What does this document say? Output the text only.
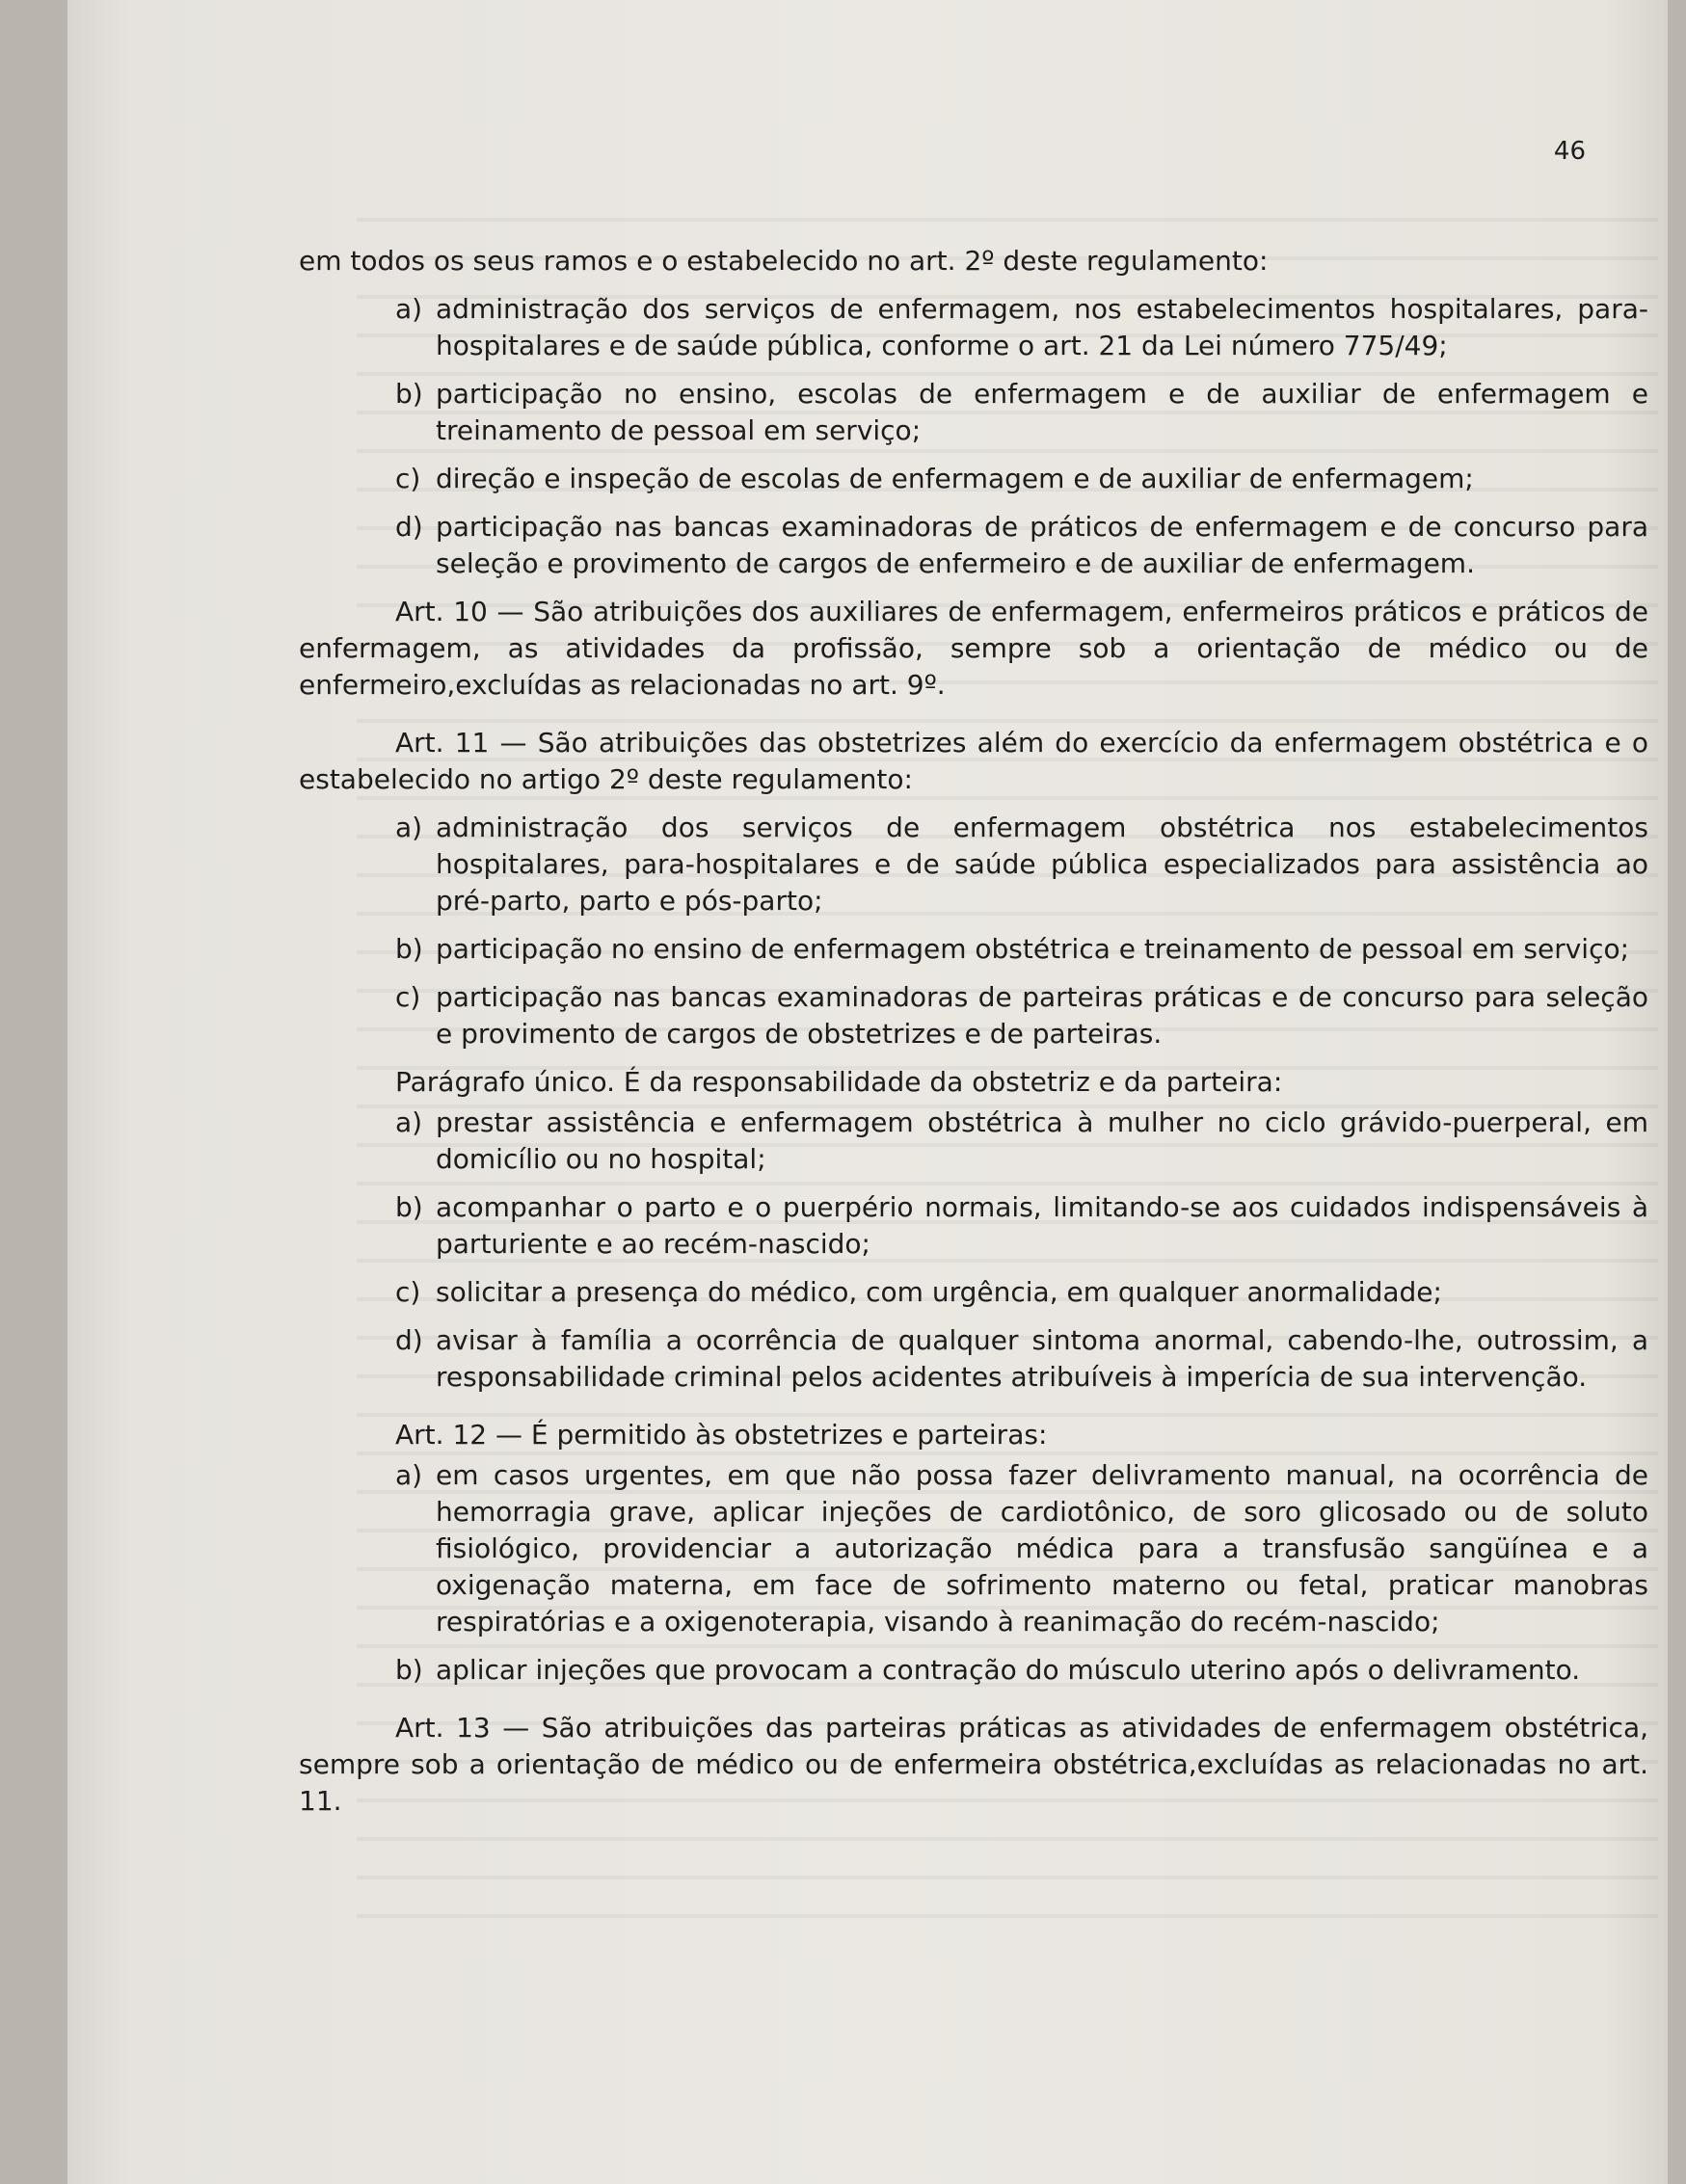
46

em todos os seus ramos e o estabelecido no art. 2º deste regulamento:

a) administração dos serviços de enfermagem, nos estabelecimentos hospitalares, para-hospitalares e de saúde pública, conforme o art. 21 da Lei número 775/49;
b) participação no ensino, escolas de enfermagem e de auxiliar de enfermagem e treinamento de pessoal em serviço;
c) direção e inspeção de escolas de enfermagem e de auxiliar de enfermagem;
d) participação nas bancas examinadoras de práticos de enfermagem e de concurso para seleção e provimento de cargos de enfermeiro e de auxiliar de enfermagem.

Art. 10 — São atribuições dos auxiliares de enfermagem, enfermeiros práticos e práticos de enfermagem, as atividades da profissão, sempre sob a orientação de médico ou de enfermeiro,excluídas as relacionadas no art. 9º.

Art. 11 — São atribuições das obstetrizes além do exercício da enfermagem obstétrica e o estabelecido no artigo 2º deste regulamento:

a) administração dos serviços de enfermagem obstétrica nos estabelecimentos hospitalares, para-hospitalares e de saúde pública especializados para assistência ao pré-parto, parto e pós-parto;
b) participação no ensino de enfermagem obstétrica e treinamento de pessoal em serviço;
c) participação nas bancas examinadoras de parteiras práticas e de concurso para seleção e provimento de cargos de obstetrizes e de parteiras.

Parágrafo único. É da responsabilidade da obstetriz e da parteira:

a) prestar assistência e enfermagem obstétrica à mulher no ciclo grávido-puerperal, em domicílio ou no hospital;
b) acompanhar o parto e o puerpério normais, limitando-se aos cuidados indispensáveis à parturiente e ao recém-nascido;
c) solicitar a presença do médico, com urgência, em qualquer anormalidade;
d) avisar à família a ocorrência de qualquer sintoma anormal, cabendo-lhe, outrossim, a responsabilidade criminal pelos acidentes atribuíveis à imperícia de sua intervenção.

Art. 12 — É permitido às obstetrizes e parteiras:

a) em casos urgentes, em que não possa fazer delivramento manual, na ocorrência de hemorragia grave, aplicar injeções de cardiotônico, de soro glicosado ou de soluto fisiológico, providenciar a autorização médica para a transfusão sangüínea e a oxigenação materna, em face de sofrimento materno ou fetal, praticar manobras respiratórias e a oxigenoterapia, visando à reanimação do recém-nascido;
b) aplicar injeções que provocam a contração do músculo uterino após o delivramento.

Art. 13 — São atribuições das parteiras práticas as atividades de enfermagem obstétrica, sempre sob a orientação de médico ou de enfermeira obstétrica,excluídas as relacionadas no art. 11.
